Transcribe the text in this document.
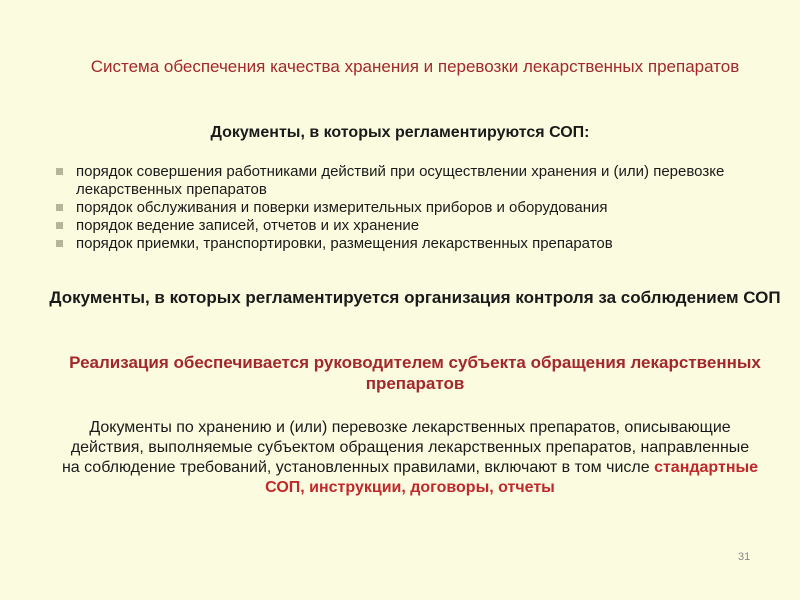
Система обеспечения качества хранения и перевозки лекарственных препаратов
Документы, в которых регламентируются СОП:
порядок совершения работниками действий при осуществлении хранения и (или) перевозке лекарственных препаратов
порядок обслуживания и поверки измерительных приборов и оборудования
порядок ведение записей, отчетов и их хранение
порядок приемки, транспортировки, размещения лекарственных препаратов
Документы, в которых регламентируется организация контроля за соблюдением СОП
Реализация обеспечивается руководителем субъекта обращения лекарственных препаратов
Документы по хранению и (или) перевозке лекарственных препаратов, описывающие действия, выполняемые субъектом обращения лекарственных препаратов, направленные на соблюдение требований, установленных правилами, включают в том числе стандартные СОП, инструкции, договоры, отчеты
31
